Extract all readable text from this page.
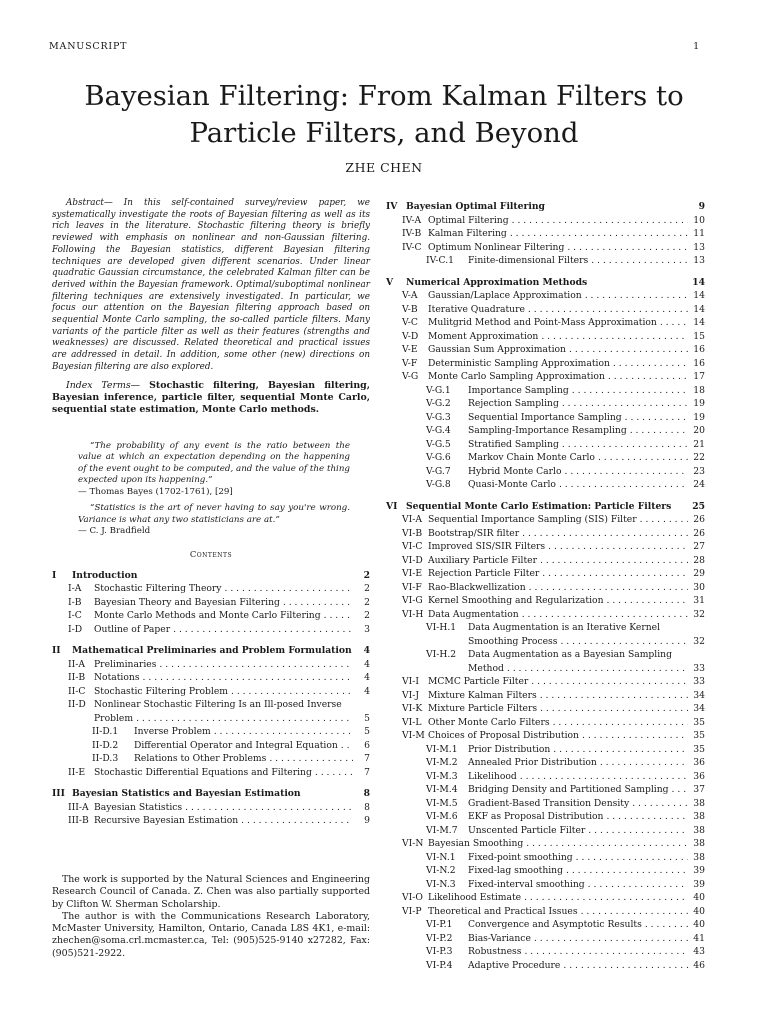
MANUSCRIPT	1
Bayesian Filtering: From Kalman Filters to
Particle Filters, and Beyond
ZHE CHEN

Abstract— In this self-contained survey/review paper, we systematically investigate the roots of Bayesian filtering as well as its rich leaves in the literature. Stochastic filtering theory is briefly reviewed with emphasis on nonlinear and non-Gaussian filtering. Following the Bayesian statistics, different Bayesian filtering techniques are developed given different scenarios. Under linear quadratic Gaussian circumstance, the celebrated Kalman filter can be derived within the Bayesian framework. Optimal/suboptimal nonlinear filtering techniques are extensively investigated. In particular, we focus our attention on the Bayesian filtering approach based on sequential Monte Carlo sampling, the so-called particle filters. Many variants of the particle filter as well as their features (strengths and weaknesses) are discussed. Related theoretical and practical issues are addressed in detail. In addition, some other (new) directions on Bayesian filtering are also explored.

Index Terms— Stochastic filtering, Bayesian filtering, Bayesian inference, particle filter, sequential Monte Carlo, sequential state estimation, Monte Carlo methods.

“The probability of any event is the ratio between the value at which an expectation depending on the happening of the event ought to be computed, and the value of the thing expected upon its happening.”

— Thomas Bayes (1702-1761), [29]

“Statistics is the art of never having to say you're wrong. Variance is what any two statisticians are at.”

— C. J. Bradfield

Contents
I	Introduction	2
I-A	Stochastic Filtering Theory . . .	2
I-B	Bayesian Theory and Bayesian Filtering . . .	2
I-C	Monte Carlo Methods and Monte Carlo Filtering . . .	2
I-D	Outline of Paper . . .	3
II	Mathematical Preliminaries and Problem Formulation	4
II-A Preliminaries . . .	4
II-B Notations . . .	4
II-C Stochastic Filtering Problem . . .	4
II-D Nonlinear Stochastic Filtering Is an Ill-posed Inverse
Problem . . .	5
II-D.1	Inverse Problem . . .	5
II-D.2	Differential Operator and Integral Equation . . .	6
II-D.3	Relations to Other Problems . . .	7
II-E Stochastic Differential Equations and Filtering . . .	7
III Bayesian Statistics and Bayesian Estimation	8
III-A Bayesian Statistics . . .	8
III-B Recursive Bayesian Estimation . . .	9

The work is supported by the Natural Sciences and Engineering Research Council of Canada. Z. Chen was also partially supported by Clifton W. Sherman Scholarship.

The author is with the Communications Research Laboratory, McMaster University, Hamilton, Ontario, Canada L8S 4K1, e-mail: zhechen@soma.crl.mcmaster.ca, Tel: (905)525-9140 x27282, Fax:(905)521-2922.

IV Bayesian Optimal Filtering	9
IV-A Optimal Filtering . . .	10
IV-B Kalman Filtering . . .	11
IV-C Optimum Nonlinear Filtering . . .	13
IV-C.1	Finite-dimensional Filters . . .	13
V	Numerical Approximation Methods	14
V-A	Gaussian/Laplace Approximation . . .	14
V-B	Iterative Quadrature . . .	14
V-C	Mulitgrid Method and Point-Mass Approximation . . .	14
V-D	Moment Approximation . . .	15
V-E	Gaussian Sum Approximation . . .	16
V-F	Deterministic Sampling Approximation . . .	16
V-G	Monte Carlo Sampling Approximation . . .	17
V-G.1	Importance Sampling . . .	18
V-G.2	Rejection Sampling . . .	19
V-G.3	Sequential Importance Sampling . . .	19
V-G.4	Sampling-Importance Resampling . . .	20
V-G.5	Stratified Sampling . . .	21
V-G.6	Markov Chain Monte Carlo . . .	22
V-G.7	Hybrid Monte Carlo . . .	23
V-G.8	Quasi-Monte Carlo . . .	24
VI Sequential Monte Carlo Estimation: Particle Filters	25
VI-A Sequential Importance Sampling (SIS) Filter . . .	26
VI-B Bootstrap/SIR filter . . .	26
VI-C Improved SIS/SIR Filters . . .	27
VI-D Auxiliary Particle Filter . . .	28
VI-E Rejection Particle Filter . . .	29
VI-F Rao-Blackwellization . . .	30
VI-G Kernel Smoothing and Regularization . . .	31
VI-H Data Augmentation . . .	32
VI-H.1	Data Augmentation is an Iterative Kernel
Smoothing Process . . .	32
VI-H.2	Data Augmentation as a Bayesian Sampling
Method . . .	33
VI-I MCMC Particle Filter . . .	33
VI-J Mixture Kalman Filters . . .	34
VI-K Mixture Particle Filters . . .	34
VI-L Other Monte Carlo Filters . . .	35
VI-M Choices of Proposal Distribution . . .	35
VI-M.1	Prior Distribution . . .	35
VI-M.2	Annealed Prior Distribution . . .	36
VI-M.3	Likelihood . . .	36
VI-M.4	Bridging Density and Partitioned Sampling . . .	37
VI-M.5	Gradient-Based Transition Density . . .	38
VI-M.6	EKF as Proposal Distribution . . .	38
VI-M.7	Unscented Particle Filter . . .	38
VI-N Bayesian Smoothing . . .	38
VI-N.1	Fixed-point smoothing . . .	38
VI-N.2	Fixed-lag smoothing . . .	39
VI-N.3	Fixed-interval smoothing . . .	39
VI-O Likelihood Estimate . . .	40
VI-P Theoretical and Practical Issues . . .	40
VI-P.1	Convergence and Asymptotic Results . . .	40
VI-P.2	Bias-Variance . . .	41
VI-P.3	Robustness . . .	43
VI-P.4	Adaptive Procedure . . .	46
